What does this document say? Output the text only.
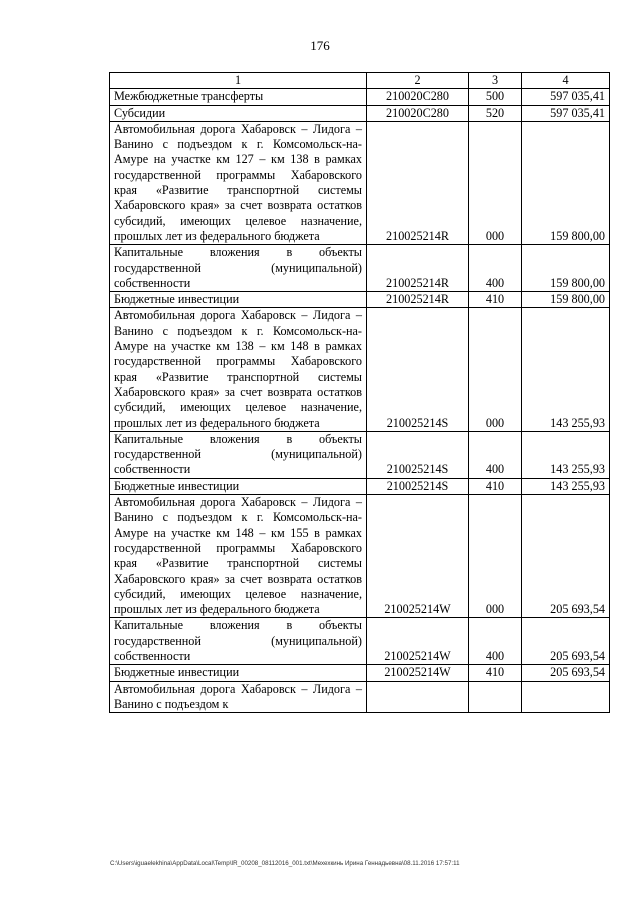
176
1	2	3	4
Межбюджетные трансферты	210020С280	500	597 035,41
Субсидии	210020С280	520	597 035,41

Автомобильная дорога Хабаровск – Лидога – Ванино с подъездом к г. Комсомольск-на-Амуре на участке км 127 – км 138 в рамках государственной программы Хабаровского края «Развитие транспортной системы Хабаровского края» за счет возврата остатков субсидий, имеющих целевое назначение, прошлых лет из федерального бюджета	210025214R	000	159 800,00

Капитальные вложения в объекты государственной (муниципальной) собственности	210025214R	400	159 800,00
Бюджетные инвестиции	210025214R	410	159 800,00

Автомобильная дорога Хабаровск – Лидога – Ванино с подъездом к г. Комсомольск-на-Амуре на участке км 138 – км 148 в рамках государственной программы Хабаровского края «Развитие транспортной системы Хабаровского края» за счет возврата остатков субсидий, имеющих целевое назначение, прошлых лет из федерального бюджета	210025214S	000	143 255,93

Капитальные вложения в объекты государственной (муниципальной) собственности	210025214S	400	143 255,93
Бюджетные инвестиции	210025214S	410	143 255,93

Автомобильная дорога Хабаровск – Лидога – Ванино с подъездом к г. Комсомольск-на-Амуре на участке км 148 – км 155 в рамках государственной программы Хабаровского края «Развитие транспортной системы Хабаровского края» за счет возврата остатков субсидий, имеющих целевое назначение, прошлых лет из федерального бюджета	210025214W	000	205 693,54

Капитальные вложения в объекты государственной (муниципальной) собственности	210025214W	400	205 693,54
Бюджетные инвестиции	210025214W	410	205 693,54

Автомобильная дорога Хабаровск – Лидога – Ванино с подъездом к			

C:\Users\iguaelekhina\AppData\Local\Temp\IR_00208_08112016_001.txt\Мехехкинь Ирина Геннадьевна\08.11.2016 17:57:11
